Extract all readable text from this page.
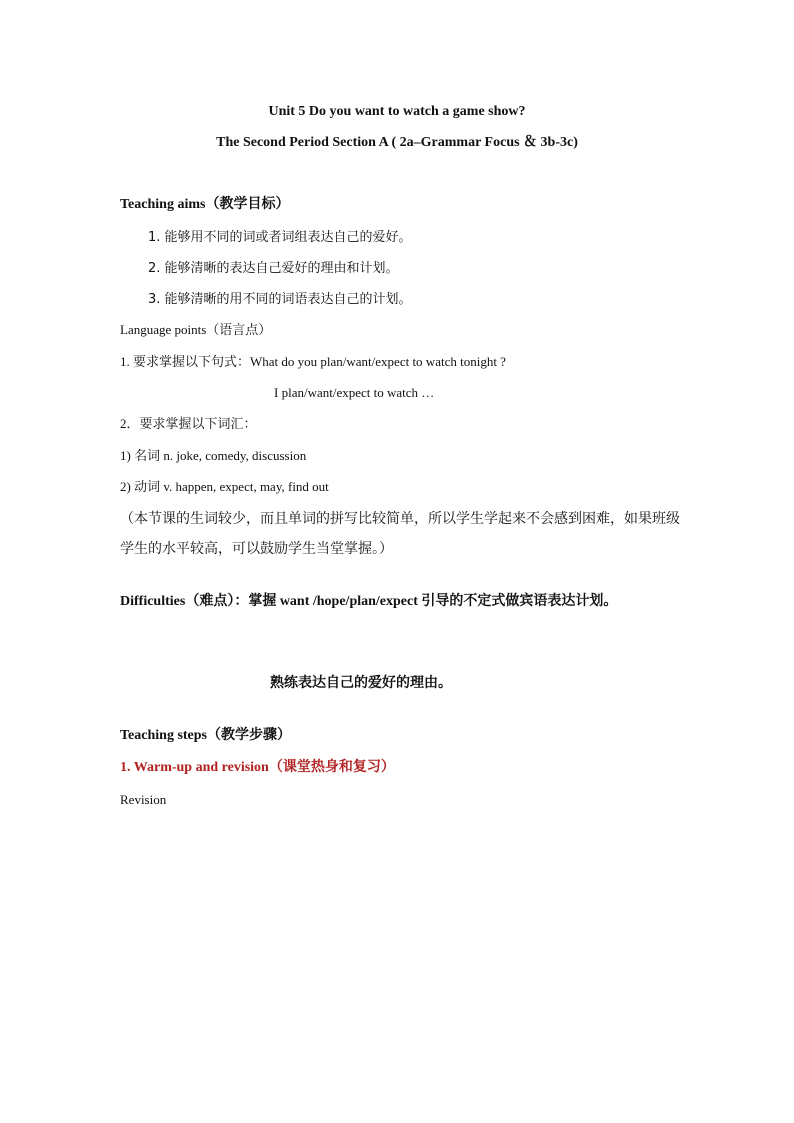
Unit 5 Do you want to watch a game show?
The Second Period Section A ( 2a–Grammar Focus ＆ 3b-3c)
Teaching aims（教学目标）
1. 能够用不同的词或者词组表达自己的爱好。
2. 能够清晰的表达自己爱好的理由和计划。
3. 能够清晰的用不同的词语表达自己的计划。
Language points（语言点）
1. 要求掌握以下句式：What do you plan/want/expect to watch tonight ?
I plan/want/expect to watch …
2．要求掌握以下词汇：
1) 名词 n. joke, comedy, discussion
2) 动词 v. happen, expect, may, find out
（本节课的生词较少，而且单词的拼写比较简单，所以学生学起来不会感到困难，如果班级学生的水平较高，可以鼓励学生当堂掌握。）
Difficulties（难点）：掌握 want /hope/plan/expect 引导的不定式做宾语表达计划。
熟练表达自己的爱好的理由。
Teaching steps（教学步骤）
1. Warm-up and revision（课堂热身和复习）
Revision
